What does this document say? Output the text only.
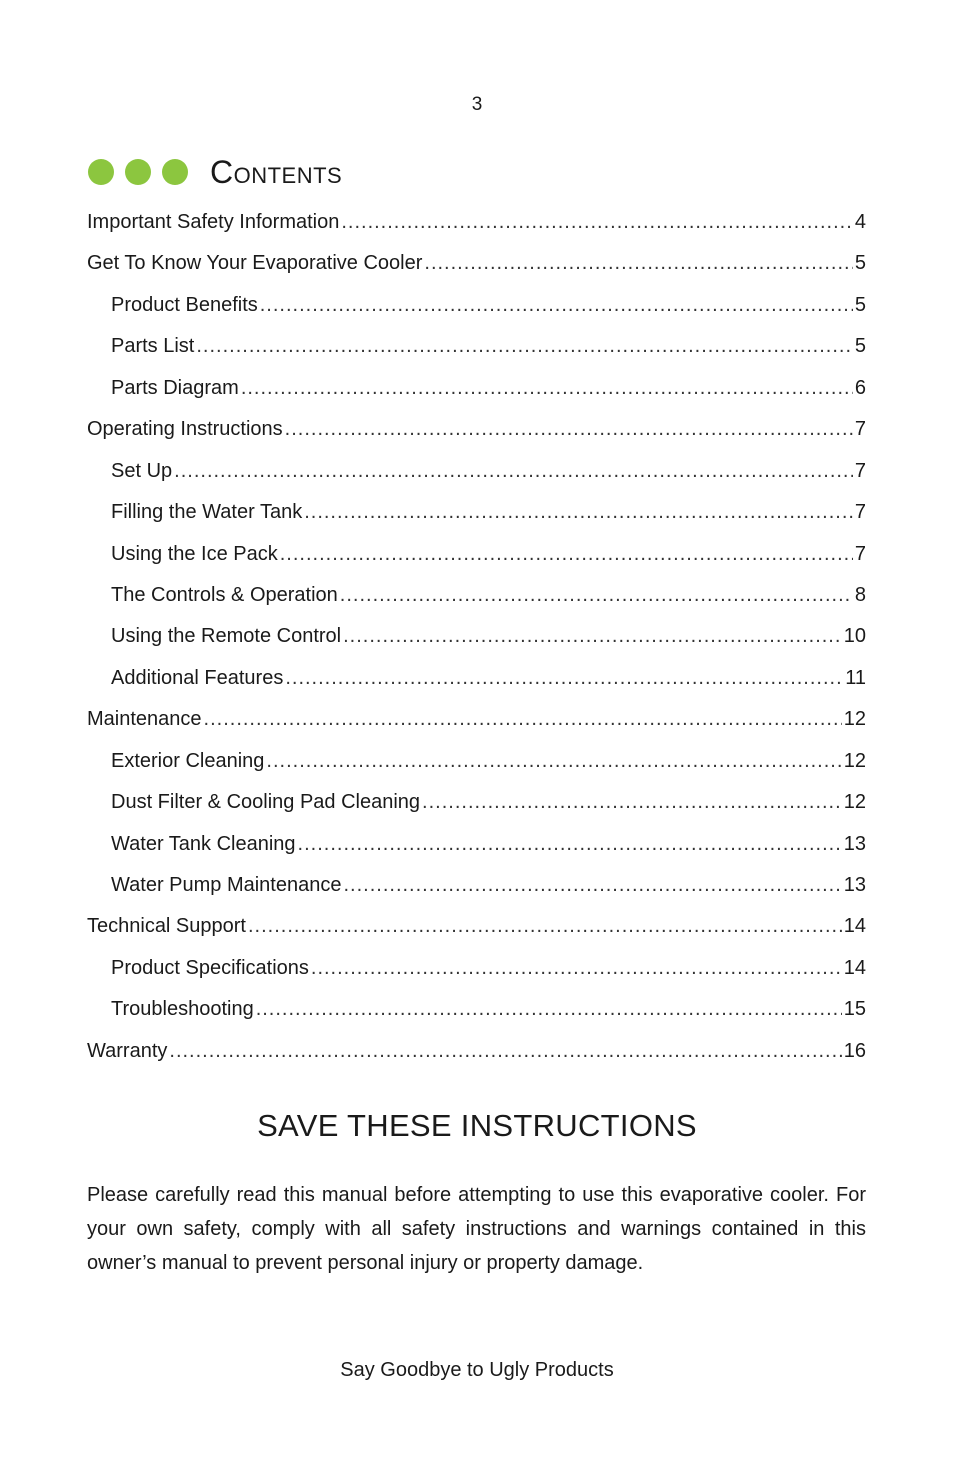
3
Contents
Important Safety Information .....	4
Get To Know Your Evaporative Cooler .....	5
Product Benefits .....	5
Parts List .....	5
Parts Diagram .....	6
Operating Instructions .....	7
Set Up .....	7
Filling the Water Tank .....	7
Using the Ice Pack .....	7
The Controls & Operation .....	8
Using the Remote Control .....	10
Additional Features .....	11
Maintenance .....	12
Exterior Cleaning .....	12
Dust Filter & Cooling Pad Cleaning .....	12
Water Tank Cleaning .....	13
Water Pump Maintenance .....	13
Technical Support .....	14
Product Specifications .....	14
Troubleshooting .....	15
Warranty .....	16
SAVE THESE INSTRUCTIONS
Please carefully read this manual before attempting to use this evaporative cooler. For your own safety, comply with all safety instructions and warnings contained in this owner’s manual to prevent personal injury or property damage.
Say Goodbye to Ugly Products
